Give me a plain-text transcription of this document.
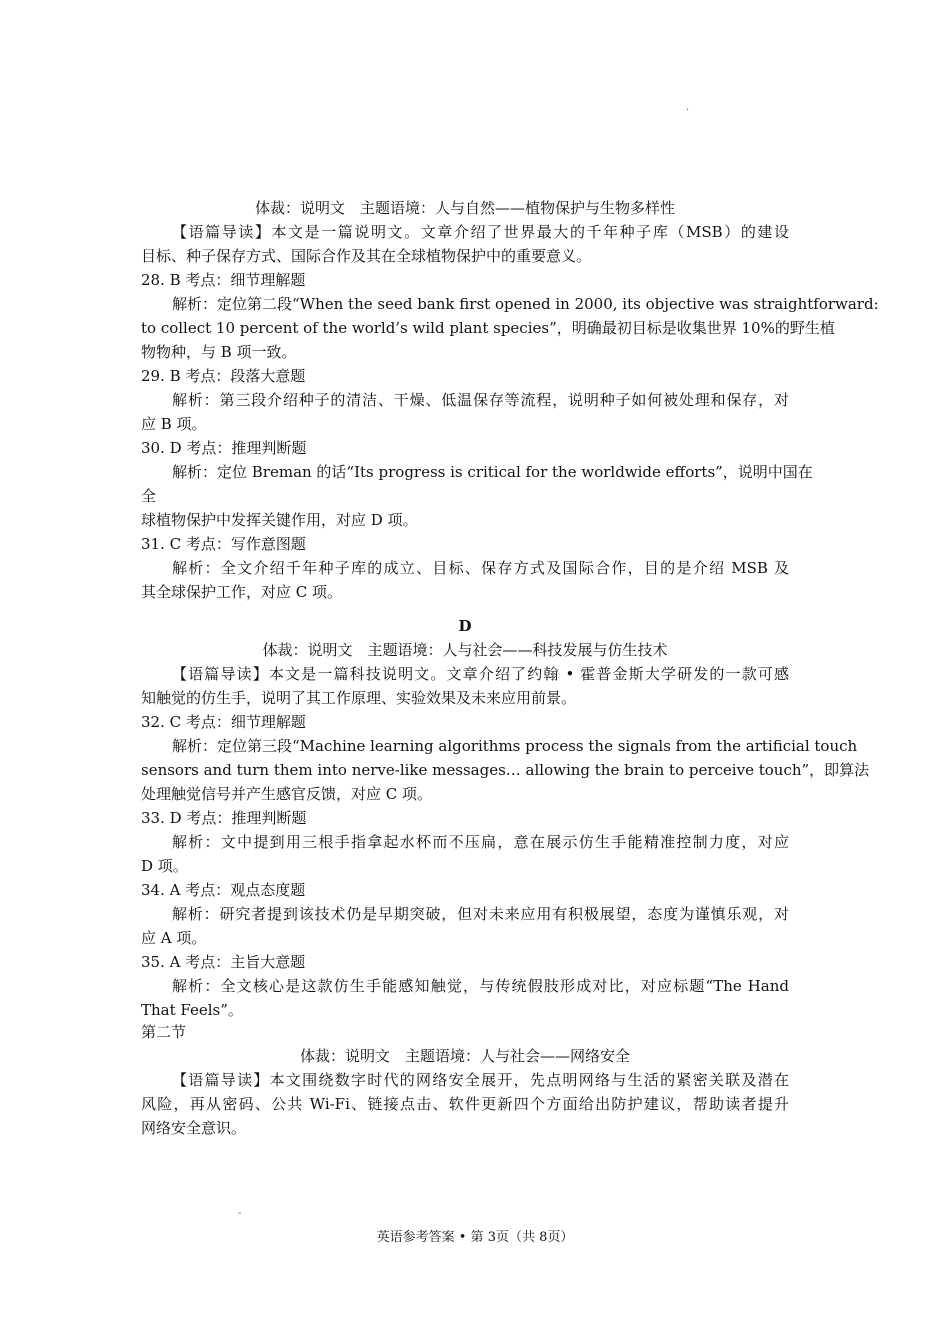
.
体裁：说明文　主题语境：人与自然——植物保护与生物多样性
【语篇导读】本文是一篇说明文。文章介绍了世界最大的千年种子库（MSB）的建设
目标、种子保存方式、国际合作及其在全球植物保护中的重要意义。
28. B 考点：细节理解题
解析：定位第二段“When the seed bank first opened in 2000, its objective was straightforward:
to collect 10 percent of the world’s wild plant species”，明确最初目标是收集世界 10%的野生植
物物种，与 B 项一致。
29. B 考点：段落大意题
解析：第三段介绍种子的清洁、干燥、低温保存等流程，说明种子如何被处理和保存，对
应 B 项。
30. D 考点：推理判断题
解析：定位 Breman 的话“Its progress is critical for the worldwide efforts”，说明中国在
全
球植物保护中发挥关键作用，对应 D 项。
31. C 考点：写作意图题
解析：全文介绍千年种子库的成立、目标、保存方式及国际合作，目的是介绍 MSB 及
其全球保护工作，对应 C 项。
D
体裁：说明文　主题语境：人与社会——科技发展与仿生技术
【语篇导读】本文是一篇科技说明文。文章介绍了约翰 • 霍普金斯大学研发的一款可感
知触觉的仿生手，说明了其工作原理、实验效果及未来应用前景。
32. C 考点：细节理解题
解析：定位第三段“Machine learning algorithms process the signals from the artificial touch
sensors and turn them into nerve-like messages… allowing the brain to perceive touch”，即算法
处理触觉信号并产生感官反馈，对应 C 项。
33. D 考点：推理判断题
解析：文中提到用三根手指拿起水杯而不压扁，意在展示仿生手能精准控制力度，对应
D 项。
34. A 考点：观点态度题
解析：研究者提到该技术仍是早期突破，但对未来应用有积极展望，态度为谨慎乐观，对
应 A 项。
35. A 考点：主旨大意题
解析：全文核心是这款仿生手能感知触觉，与传统假肢形成对比，对应标题“The Hand
That Feels”。
第二节
体裁：说明文　主题语境：人与社会——网络安全
【语篇导读】本文围绕数字时代的网络安全展开，先点明网络与生活的紧密关联及潜在
风险，再从密码、公共 Wi-Fi、链接点击、软件更新四个方面给出防护建议，帮助读者提升
网络安全意识。
-
英语参考答案 • 第 3页（共 8页）
